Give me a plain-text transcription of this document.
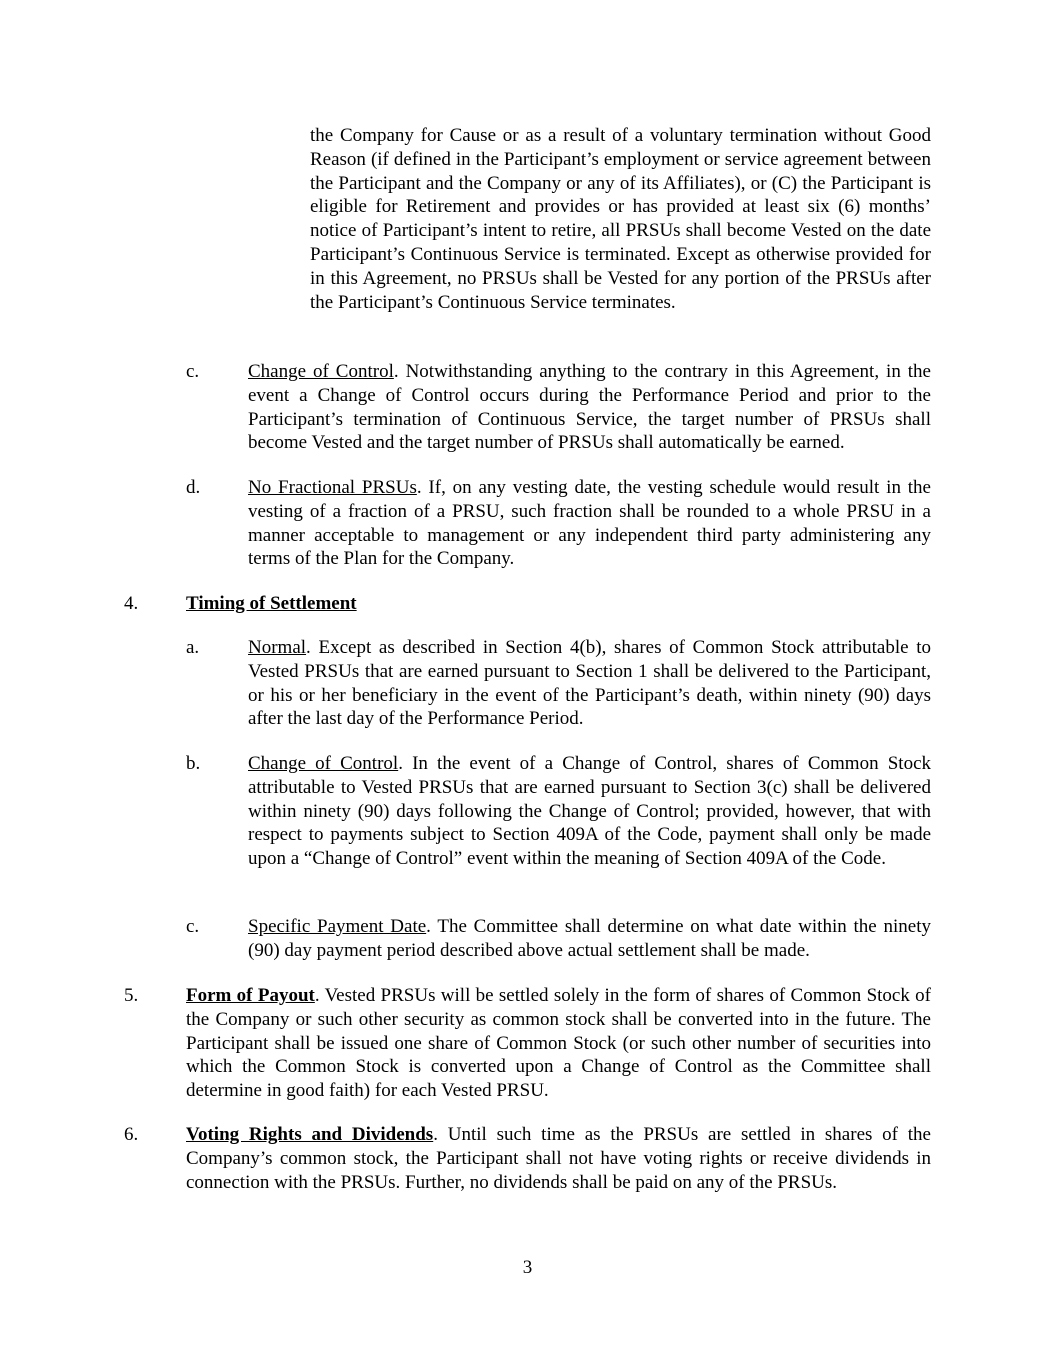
the Company for Cause or as a result of a voluntary termination without Good Reason (if defined in the Participant’s employment or service agreement between the Participant and the Company or any of its Affiliates), or (C) the Participant is eligible for Retirement and provides or has provided at least six (6) months’ notice of Participant’s intent to retire, all PRSUs shall become Vested on the date Participant’s Continuous Service is terminated. Except as otherwise provided for in this Agreement, no PRSUs shall be Vested for any portion of the PRSUs after the Participant’s Continuous Service terminates.

c.	Change of Control. Notwithstanding anything to the contrary in this Agreement, in the event a Change of Control occurs during the Performance Period and prior to the Participant’s termination of Continuous Service, the target number of PRSUs shall become Vested and the target number of PRSUs shall automatically be earned.

d.	No Fractional PRSUs. If, on any vesting date, the vesting schedule would result in the vesting of a fraction of a PRSU, such fraction shall be rounded to a whole PRSU in a manner acceptable to management or any independent third party administering any terms of the Plan for the Company.

4.	Timing of Settlement
a.	Normal. Except as described in Section 4(b), shares of Common Stock attributable to Vested PRSUs that are earned pursuant to Section 1 shall be delivered to the Participant, or his or her beneficiary in the event of the Participant’s death, within ninety (90) days after the last day of the Performance Period.

b.	Change of Control. In the event of a Change of Control, shares of Common Stock attributable to Vested PRSUs that are earned pursuant to Section 3(c) shall be delivered within ninety (90) days following the Change of Control; provided, however, that with respect to payments subject to Section 409A of the Code, payment shall only be made upon a “Change of Control” event within the meaning of Section 409A of the Code.

c.	Specific Payment Date. The Committee shall determine on what date within the ninety (90) day payment period described above actual settlement shall be made.

5.	Form of Payout. Vested PRSUs will be settled solely in the form of shares of Common Stock of the Company or such other security as common stock shall be converted into in the future. The Participant shall be issued one share of Common Stock (or such other number of securities into which the Common Stock is converted upon a Change of Control as the Committee shall determine in good faith) for each Vested PRSU.

6.	Voting Rights and Dividends. Until such time as the PRSUs are settled in shares of the Company’s common stock, the Participant shall not have voting rights or receive dividends in connection with the PRSUs. Further, no dividends shall be paid on any of the PRSUs.

3
